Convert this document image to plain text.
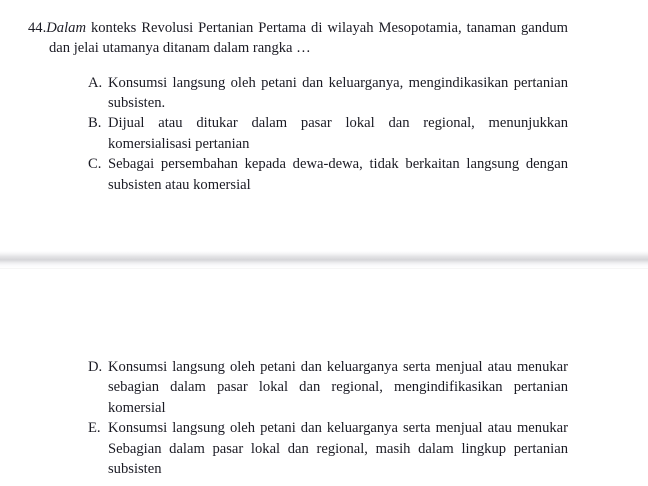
44.Dalam konteks Revolusi Pertanian Pertama di wilayah Mesopotamia, tanaman gandum dan jelai utamanya ditanam dalam rangka …

A. Konsumsi langsung oleh petani dan keluarganya, mengindikasikan pertanian subsisten.
B. Dijual atau ditukar dalam pasar lokal dan regional, menunjukkan komersialisasi pertanian
C. Sebagai persembahan kepada dewa-dewa, tidak berkaitan langsung dengan subsisten atau komersial
D. Konsumsi langsung oleh petani dan keluarganya serta menjual atau menukar sebagian dalam pasar lokal dan regional, mengindifikasikan pertanian komersial
E. Konsumsi langsung oleh petani dan keluarganya serta menjual atau menukar Sebagian dalam pasar lokal dan regional, masih dalam lingkup pertanian subsisten
